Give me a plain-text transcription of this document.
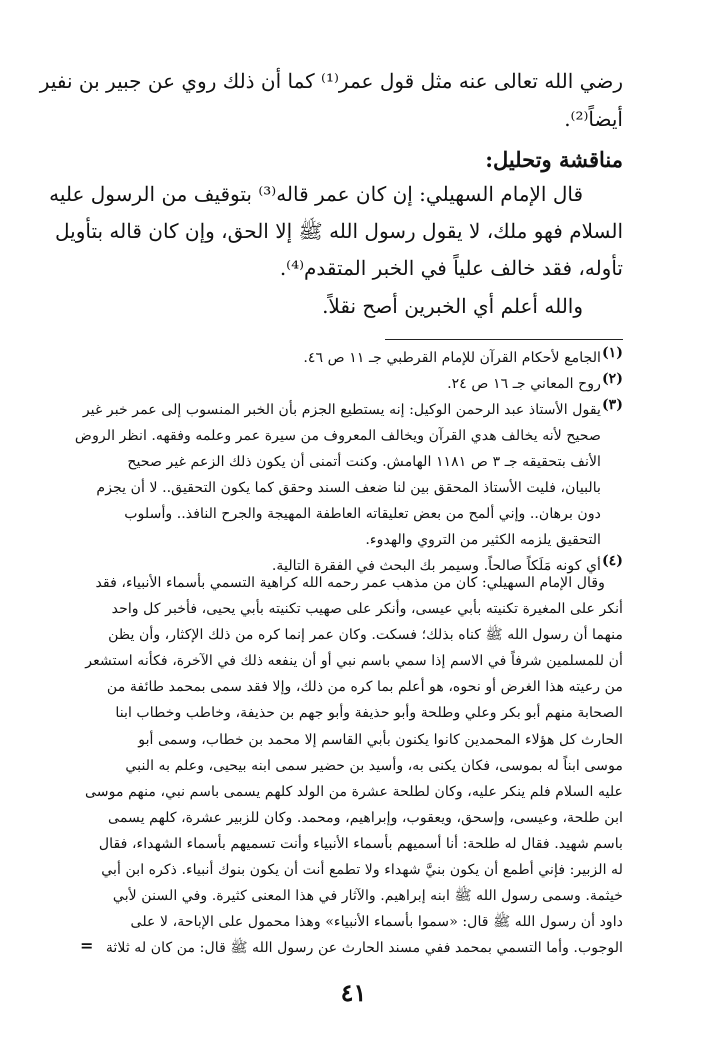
رضي الله تعالى عنه مثل قول عمر⁽¹⁾ كما أن ذلك روي عن جبير بن نفير
أيضاً⁽²⁾.
مناقشة وتحليل:
قال الإمام السهيلي: إن كان عمر قاله⁽³⁾ بتوقيف من الرسول عليه
السلام فهو ملك، لا يقول رسول الله ﷺ إلا الحق، وإن كان قاله بتأويل
تأوله، فقد خالف علياً في الخبر المتقدم⁽⁴⁾.
والله أعلم أي الخبرين أصح نقلاً.
(١)
الجامع لأحكام القرآن للإمام القرطبي جـ ١١ ص ٤٦.
(٢)
روح المعاني جـ ١٦ ص ٢٤.
(٣)
يقول الأستاذ عبد الرحمن الوكيل: إنه يستطيع الجزم بأن الخبر المنسوب إلى عمر خبر غير
صحيح لأنه يخالف هدي القرآن ويخالف المعروف من سيرة عمر وعلمه وفقهه. انظر الروض
الأنف بتحقيقه جـ ٣ ص ١١٨١ الهامش. وكنت أتمنى أن يكون ذلك الزعم غير صحيح
بالبيان، فليت الأستاذ المحقق بين لنا ضعف السند وحقق كما يكون التحقيق.. لا أن يجزم
دون برهان.. وإني ألمح من بعض تعليقاته العاطفة المهيجة والجرح النافذ.. وأسلوب
التحقيق يلزمه الكثير من التروي والهدوء.
(٤)
أي كونه مَلَكاً صالحاً. وسيمر بك البحث في الفقرة التالية.
وقال الإمام السهيلي: كان من مذهب عمر رحمه الله كراهية التسمي بأسماء الأنبياء، فقد
أنكر على المغيرة تكنيته بأبي عيسى، وأنكر على صهيب تكنيته بأبي يحيى، فأخبر كل واحد
منهما أن رسول الله ﷺ كناه بذلك؛ فسكت. وكان عمر إنما كره من ذلك الإكثار، وأن يظن
أن للمسلمين شرفاً في الاسم إذا سمي باسم نبي أو أن ينفعه ذلك في الآخرة، فكأنه استشعر
من رعيته هذا الغرض أو نحوه، هو أعلم بما كره من ذلك، وإلا فقد سمى بمحمد طائفة من
الصحابة منهم أبو بكر وعلي وطلحة وأبو حذيفة وأبو جهم بن حذيفة، وخاطب وخطاب ابنا
الحارث كل هؤلاء المحمدين كانوا يكنون بأبي القاسم إلا محمد بن خطاب، وسمى أبو
موسى ابناً له بموسى، فكان يكنى به، وأسيد بن حضير سمى ابنه بيحيى، وعلم به النبي
عليه السلام فلم ينكر عليه، وكان لطلحة عشرة من الولد كلهم يسمى باسم نبي، منهم موسى
ابن طلحة، وعيسى، وإسحق، ويعقوب، وإبراهيم، ومحمد. وكان للزبير عشرة، كلهم يسمى
باسم شهيد. فقال له طلحة: أنا أسميهم بأسماء الأنبياء وأنت تسميهم بأسماء الشهداء، فقال
له الزبير: فإني أطمع أن يكون بنيَّ شهداء ولا تطمع أنت أن يكون بنوك أنبياء. ذكره ابن أبي
خيثمة. وسمى رسول الله ﷺ ابنه إبراهيم. والآثار في هذا المعنى كثيرة. وفي السنن لأبي
داود أن رسول الله ﷺ قال: «سموا بأسماء الأنبياء» وهذا محمول على الإباحة، لا على
الوجوب. وأما التسمي بمحمد ففي مسند الحارث عن رسول الله ﷺ قال: من كان له ثلاثة
=
٤١
